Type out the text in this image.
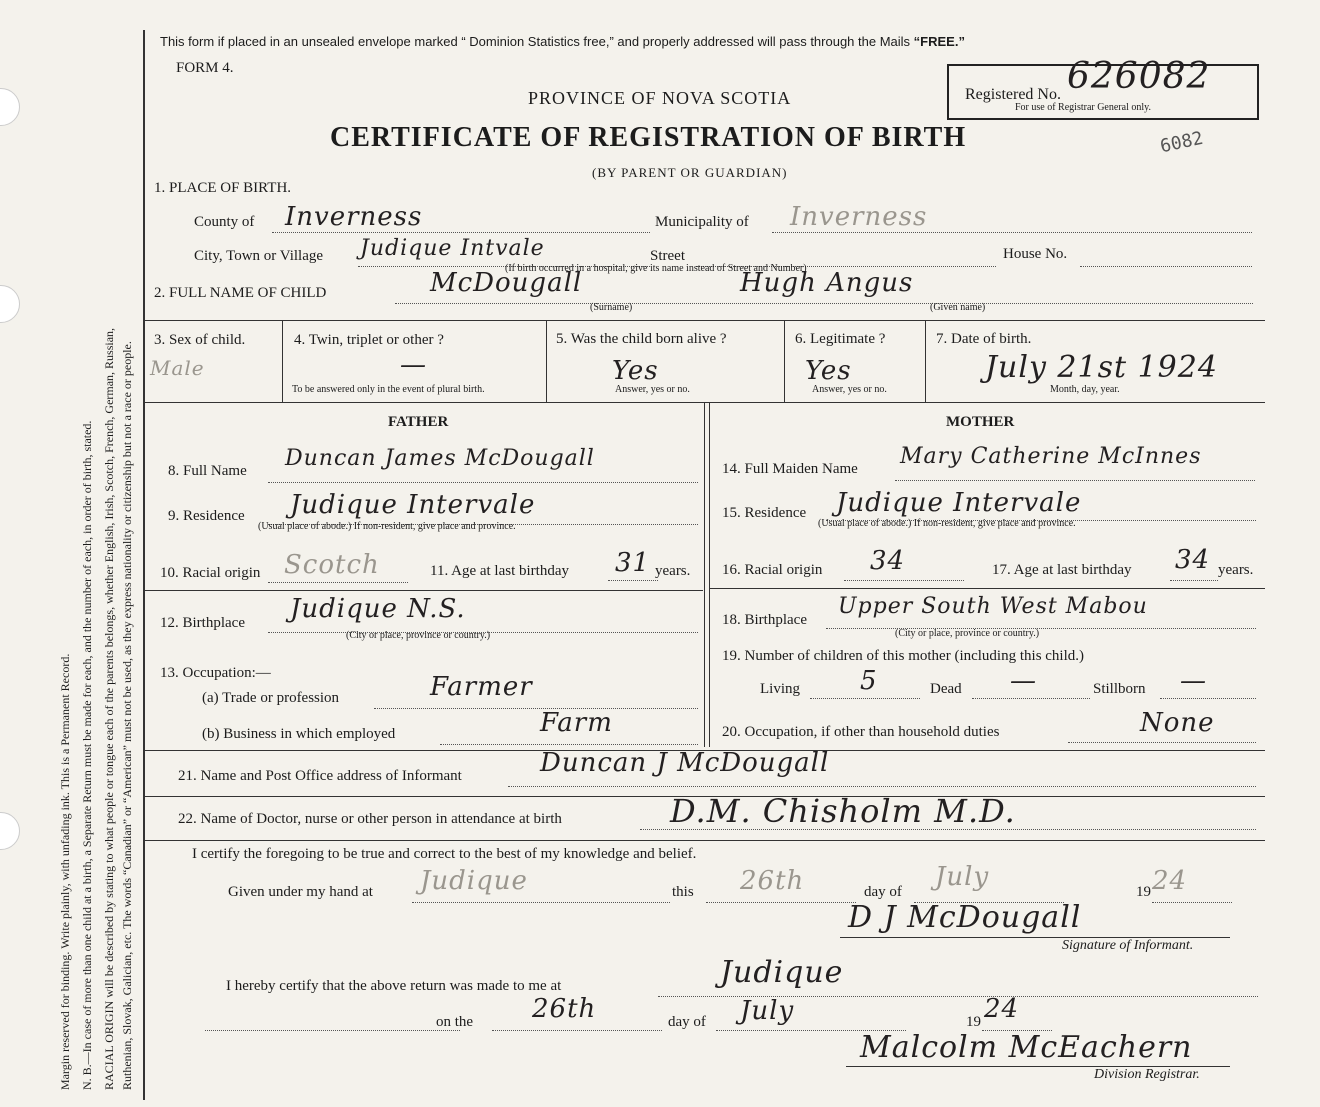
Margin reserved for binding. Write plainly, with unfading ink. This is a Permanent Record. N. B.—In case of more than one child at a birth, a Separate Return must be made for each, and the number of each, in order of birth, stated. RACIAL ORIGIN will be described by stating to what people or tongue each of the parents belongs, whether English, Irish, Scotch, French, German, Russian, Ruthenian, Slovak, Galician, etc. The words “Canadian” or “American” must not be used, as they express nationality or citizenship but not a race or people.
This form if placed in an unsealed envelope marked “ Dominion Statistics free,” and properly addressed will pass through the Mails “FREE.”
FORM 4.
PROVINCE OF NOVA SCOTIA
CERTIFICATE OF REGISTRATION OF BIRTH
(BY PARENT OR GUARDIAN)
Registered No. 626082
For use of Registrar General only.
6082
1. PLACE OF BIRTH.
County of Inverness	Municipality of Inverness
City, Town or Village Judique Intvale	Street	House No.
(If birth occurred in a hospital, give its name instead of Street and Number)
2. FULL NAME OF CHILD	McDougall	Hugh Angus
(Surname)	(Given name)
3. Sex of child.
Male
4. Twin, triplet or other ?
—
To be answered only in the event of plural birth.
5. Was the child born alive ?
Yes
Answer, yes or no.
6. Legitimate ?
Yes
Answer, yes or no.
7. Date of birth.
July 21st 1924
Month, day, year.
FATHER	MOTHER
8. Full Name Duncan James McDougall
9. Residence Judique Intervale
(Usual place of abode.) If non-resident, give place and province.
10. Racial origin Scotch	11. Age at last birthday 31 years.
12. Birthplace Judique N.S.
(City or place, province or country.)
13. Occupation:—
(a) Trade or profession	Farmer
(b) Business in which employed	Farm
14. Full Maiden Name Mary Catherine McInnes
15. Residence Judique Intervale
(Usual place of abode.) If non-resident, give place and province.
16. Racial origin 34	17. Age at last birthday 34 years.
18. Birthplace
Upper South West Mabou
(City or place, province or country.)
19. Number of children of this mother (including this child.)
Living 5	Dead —	Stillborn —
20. Occupation, if other than household duties	None
21. Name and Post Office address of Informant	Duncan J McDougall
22. Name of Doctor, nurse or other person in attendance at birth	D.M. Chisholm M.D.
I certify the foregoing to be true and correct to the best of my knowledge and belief.
Given under my hand at Judique	this 26th	day of July	19 24
D J McDougall
Signature of Informant.
I hereby certify that the above return was made to me at	Judique
on the 26th	day of July	19 24
Malcolm McEachern
Division Registrar.
